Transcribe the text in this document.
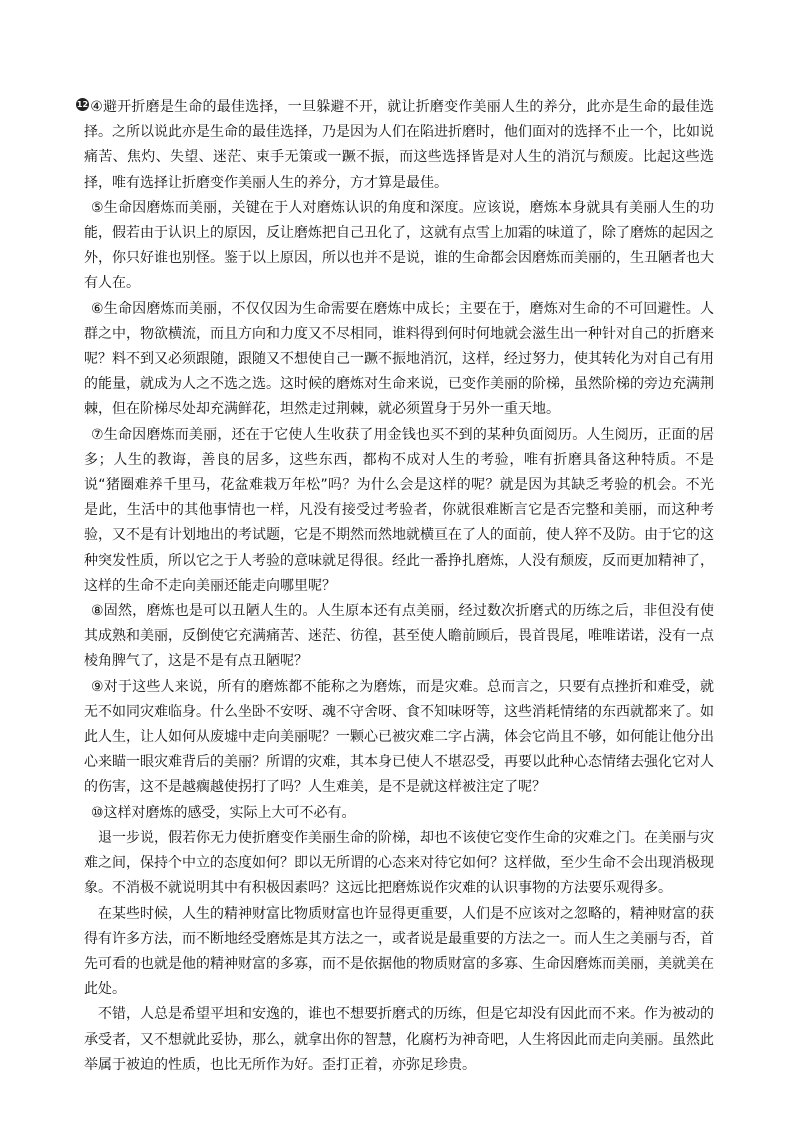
12 ④避开折磨是生命的最佳选择，一旦躲避不开，就让折磨变作美丽人生的养分，此亦是生命的最佳选择。之所以说此亦是生命的最佳选择，乃是因为人们在陷进折磨时，他们面对的选择不止一个，比如说痛苦、焦灼、失望、迷茫、束手无策或一蹶不振，而这些选择皆是对人生的消沉与颓废。比起这些选择，唯有选择让折磨变作美丽人生的养分，方才算是最佳。

⑤生命因磨炼而美丽，关键在于人对磨炼认识的角度和深度。应该说，磨炼本身就具有美丽人生的功能，假若由于认识上的原因，反让磨炼把自己丑化了，这就有点雪上加霜的味道了，除了磨炼的起因之外，你只好谁也别怪。鉴于以上原因，所以也并不是说，谁的生命都会因磨炼而美丽的，生丑陋者也大有人在。

⑥生命因磨炼而美丽，不仅仅因为生命需要在磨炼中成长；主要在于，磨炼对生命的不可回避性。人群之中，物欲横流，而且方向和力度又不尽相同，谁料得到何时何地就会滋生出一种针对自己的折磨来呢？料不到又必须跟随，跟随又不想使自己一蹶不振地消沉，这样，经过努力，使其转化为对自己有用的能量，就成为人之不选之选。这时候的磨炼对生命来说，已变作美丽的阶梯，虽然阶梯的旁边充满荆棘，但在阶梯尽处却充满鲜花，坦然走过荆棘，就必须置身于另外一重天地。

⑦生命因磨炼而美丽，还在于它使人生收获了用金钱也买不到的某种负面阅历。人生阅历，正面的居多；人生的教诲，善良的居多，这些东西，都构不成对人生的考验，唯有折磨具备这种特质。不是说“猪圈难养千里马，花盆难栽万年松”吗？为什么会是这样的呢？就是因为其缺乏考验的机会。不光是此，生活中的其他事情也一样，凡没有接受过考验者，你就很难断言它是否完整和美丽，而这种考验，又不是有计划地出的考试题，它是不期然而然地就横亘在了人的面前，使人猝不及防。由于它的这种突发性质，所以它之于人考验的意味就足得很。经此一番挣扎磨炼，人没有颓废，反而更加精神了，这样的生命不走向美丽还能走向哪里呢？

⑧固然，磨炼也是可以丑陋人生的。人生原本还有点美丽，经过数次折磨式的历练之后，非但没有使其成熟和美丽，反倒使它充满痛苦、迷茫、彷徨，甚至使人瞻前顾后，畏首畏尾，唯唯诺诺，没有一点棱角脾气了，这是不是有点丑陋呢？

⑨对于这些人来说，所有的磨炼都不能称之为磨炼，而是灾难。总而言之，只要有点挫折和难受，就无不如同灾难临身。什么坐卧不安呀、魂不守舍呀、食不知味呀等，这些消耗情绪的东西就都来了。如此人生，让人如何从废墟中走向美丽呢？一颗心已被灾难二字占满，体会它尚且不够，如何能让他分出心来瞄一眼灾难背后的美丽？所谓的灾难，其本身已使人不堪忍受，再要以此种心态情绪去强化它对人的伤害，这不是越瘸越使拐打了吗？人生难美，是不是就这样被注定了呢？

⑩这样对磨炼的感受，实际上大可不必有。

退一步说，假若你无力使折磨变作美丽生命的阶梯，却也不该使它变作生命的灾难之门。在美丽与灾难之间，保持个中立的态度如何？即以无所谓的心态来对待它如何？这样做，至少生命不会出现消极现象。不消极不就说明其中有积极因素吗？这远比把磨炼说作灾难的认识事物的方法要乐观得多。

在某些时候，人生的精神财富比物质财富也许显得更重要，人们是不应该对之忽略的，精神财富的获得有许多方法，而不断地经受磨炼是其方法之一，或者说是最重要的方法之一。而人生之美丽与否，首先可看的也就是他的精神财富的多寡，而不是依据他的物质财富的多寡、生命因磨炼而美丽，美就美在此处。

不错，人总是希望平坦和安逸的，谁也不想要折磨式的历练，但是它却没有因此而不来。作为被动的承受者，又不想就此妥协，那么，就拿出你的智慧，化腐朽为神奇吧，人生将因此而走向美丽。虽然此举属于被迫的性质，也比无所作为好。歪打正着，亦弥足珍贵。
